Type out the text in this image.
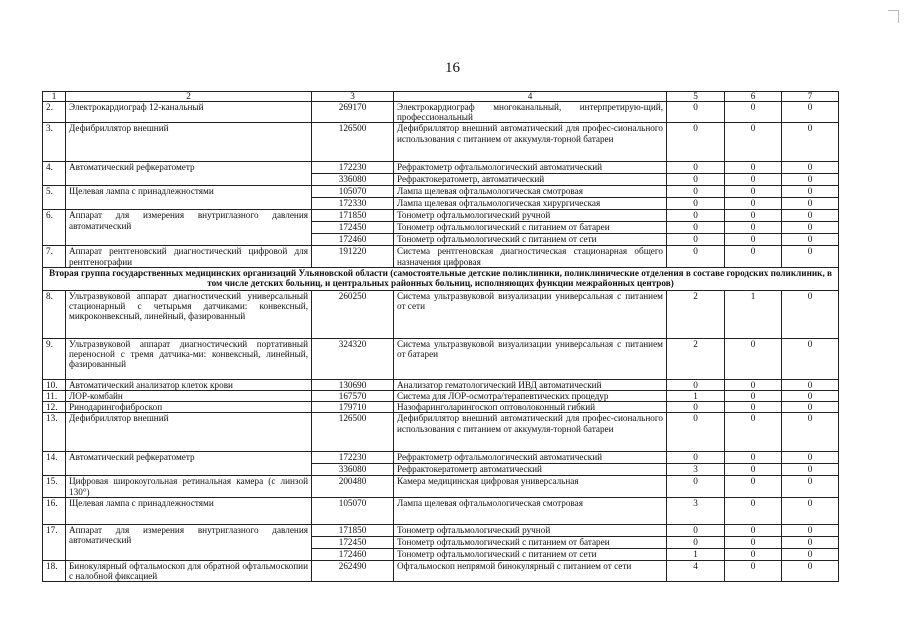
16
1	2	3	4	5	6	7
2.	Электрокардиограф 12-канальный	269170	Электрокардиограф многоканальный, интерпретирую-щий, профессиональный	0	0	0
3.	Дефибриллятор внешний	126500	Дефибриллятор внешний автоматический для профес-сионального использования с питанием от аккумуля-торной батареи	0	0	0
4.	Автоматический рефкератометр	172230	Рефрактометр офтальмологический автоматический	0	0	0
		336080	Рефрактокератометр, автоматический	0	0	0
5.	Щелевая лампа с принадлежностями	105070	Лампа щелевая офтальмологическая смотровая	0	0	0
		172330	Лампа щелевая офтальмологическая хирургическая	0	0	0
6.	Аппарат для измерения внутриглазного давления автоматический	171850	Тонометр офтальмологический ручной	0	0	0
		172450	Тонометр офтальмологический с питанием от батареи	0	0	0
		172460	Тонометр офтальмологический с питанием от сети	0	0	0
7.	Аппарат рентгеновский диагностический цифровой для рентгенографии	191220	Система рентгеновская диагностическая стационарная общего назначения цифровая	0	0	0
Вторая группа государственных медицинских организаций Ульяновской области (самостоятельные детские поликлиники, поликлинические отделения в составе городских поликлиник, в том числе детских больниц, и центральных районных больниц, исполняющих функции межрайонных центров)						
8.	Ультразвуковой аппарат диагностический универсальный стационарный с четырьмя датчиками: конвексный, микроконвексный, линейный, фазированный	260250	Система ультразвуковой визуализации универсальная с питанием от сети	2	1	0
9.	Ультразвуковой аппарат диагностический портативный переносной с тремя датчика-ми: конвексный, линейный, фазированный	324320	Система ультразвуковой визуализации универсальная с питанием от батареи	2	0	0
10.	Автоматический анализатор клеток крови	130690	Анализатор гематологический ИВД автоматический	0	0	0
11.	ЛОР-комбайн	167570	Система для ЛОР-осмотра/терапевтических процедур	1	0	0
12.	Ринодарингофиброскоп	179710	Назофаринголарингоскоп оптоволоконный гибкий	0	0	0
13.	Дефибриллятор внешний	126500	Дефибриллятор внешний автоматический для профес-сионального использования с питанием от аккумуля-торной батареи	0	0	0
14.	Автоматический рефкератометр	172230	Рефрактометр офтальмологический автоматический	0	0	0
		336080	Рефрактокератометр автоматический	3	0	0
15.	Цифровая широкоугольная ретинальная камера (с линзой 130°)	200480	Камера медицинская цифровая универсальная	0	0	0
16.	Щелевая лампа с принадлежностями	105070	Лампа щелевая офтальмологическая смотровая	3	0	0
17.	Аппарат для измерения внутриглазного давления автоматический	171850	Тонометр офтальмологический ручной	0	0	0
		172450	Тонометр офтальмологический с питанием от батареи	0	0	0
		172460	Тонометр офтальмологический с питанием от сети	1	0	0
18.	Бинокулярный офтальмоскоп для обратной офтальмоскопии с налобной фиксацией	262490	Офтальмоскоп непрямой бинокулярный с питанием от сети	4	0	0
